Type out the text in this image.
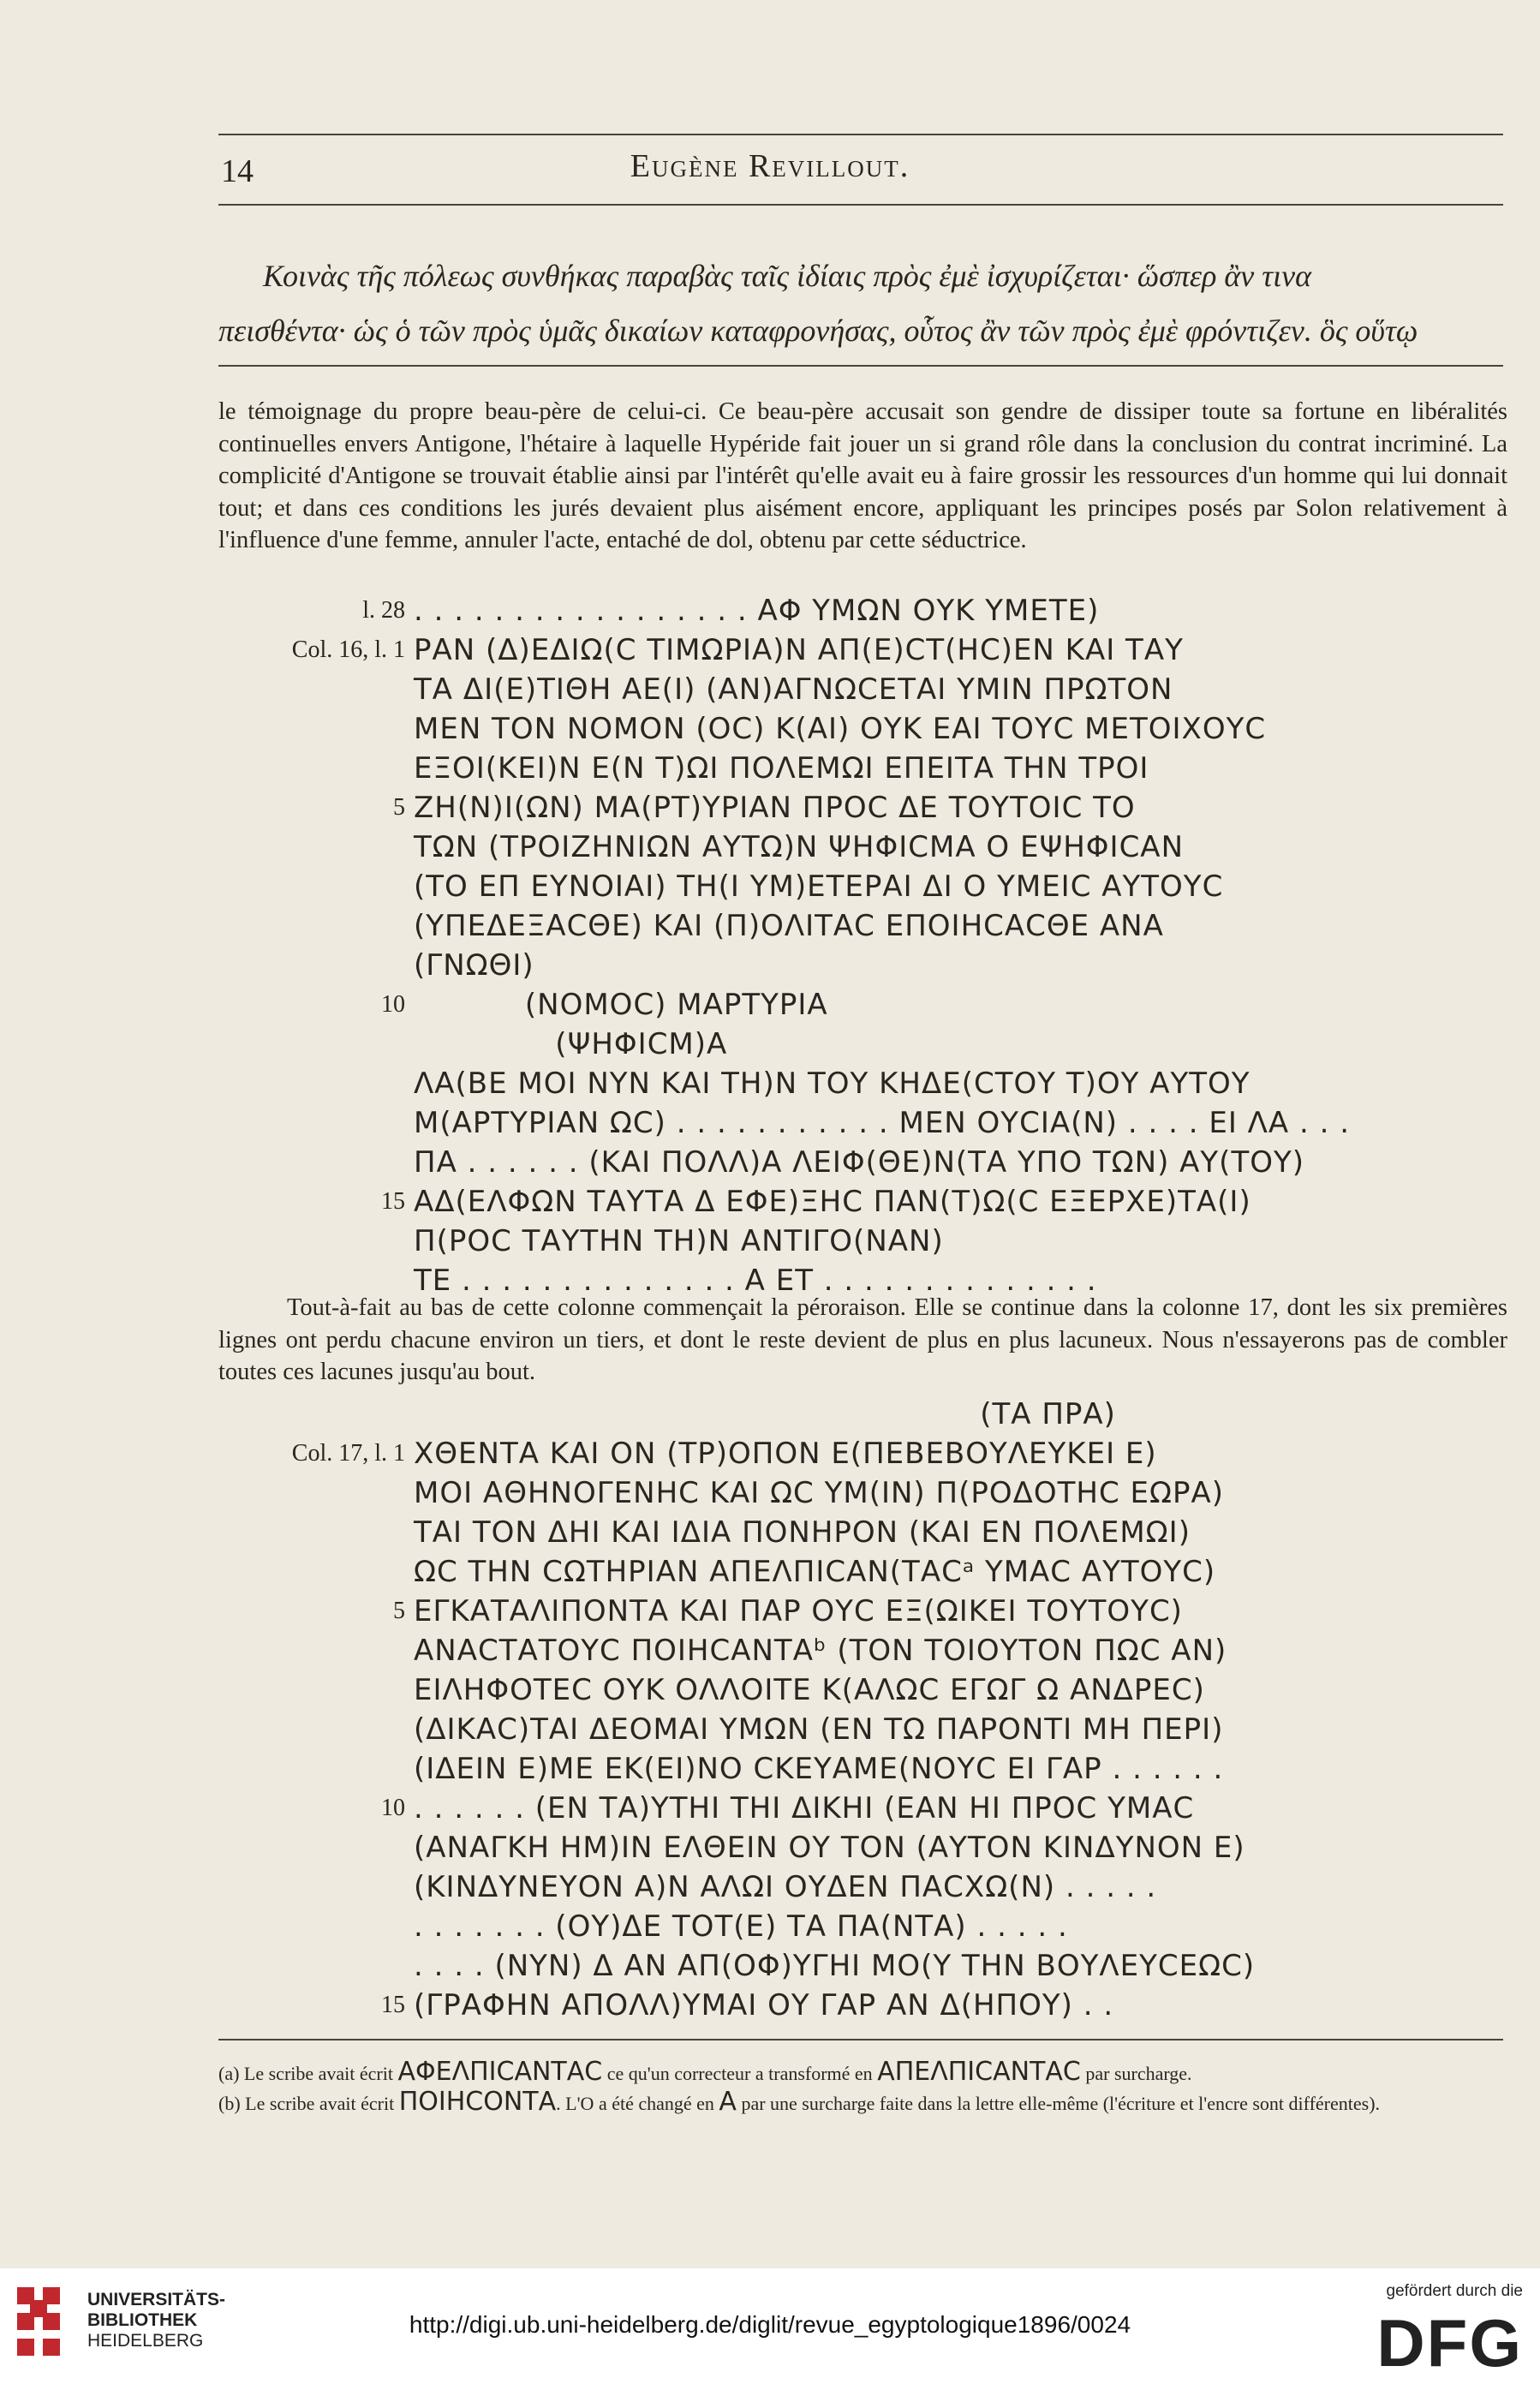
14	Eugène Revillout.
Κοινὰς τῆς πόλεως συνθήκας παραβὰς ταῖς ἰδίαις πρὸς ἐμὲ ἰσχυρίζεται· ὥσπερ ἂν τινα
πεισθέντα· ὡς ὁ τῶν πρὸς ὑμᾶς δικαίων καταφρονήσας, οὗτος ἂν τῶν πρὸς ἐμὲ φρόντιζεν. ὃς οὕτῳ

le témoignage du propre beau-père de celui-ci. Ce beau-père accusait son gendre de dissiper toute sa fortune en libéralités continuelles envers Antigone, l'hétaire à laquelle Hypéride fait jouer un si grand rôle dans la conclusion du contrat incriminé. La complicité d'Antigone se trouvait établie ainsi par l'intérêt qu'elle avait eu à faire grossir les ressources d'un homme qui lui donnait tout; et dans ces conditions les jurés devaient plus aisément encore, appliquant les principes posés par Solon relativement à l'influence d'une femme, annuler l'acte, entaché de dol, obtenu par cette séductrice.

l. 28 . . . . . . . . . . . . . . . . . ΑΦ ΥΜΩΝ ΟΥΚ ΥΜΕΤΕ)
Col. 16, l. 1 ΡΑΝ (Δ)ΕΔΙΩ(C ΤΙΜΩΡΙΑ)Ν ΑΠ(Ε)CΤ(ΗC)ΕΝ ΚΑΙ ΤΑΥ
ΤΑ ΔΙ(Ε)ΤΙΘΗ ΑΕ(Ι) (ΑΝ)ΑΓΝΩCΕΤΑΙ ΥΜΙΝ ΠΡΩΤΟΝ
ΜΕΝ ΤΟΝ ΝΟΜΟΝ (ΟC) Κ(ΑΙ) ΟΥΚ ΕΑΙ ΤΟΥC ΜΕΤΟΙΧΟΥC
ΕΞΟΙ(ΚΕΙ)Ν Ε(Ν Τ)ΩΙ ΠΟΛΕΜΩΙ ΕΠΕΙΤΑ ΤΗΝ ΤΡΟΙ
5 ΖΗ(Ν)Ι(ΩΝ) ΜΑ(ΡΤ)ΥΡΙΑΝ ΠΡΟC ΔΕ ΤΟΥΤΟΙC ΤΟ
ΤΩΝ (ΤΡΟΙΖΗΝΙΩΝ ΑΥΤΩ)Ν ΨΗΦΙCΜΑ Ο ΕΨΗΦΙCΑΝ
(ΤΟ ΕΠ ΕΥΝΟΙΑΙ) ΤΗ(Ι ΥΜ)ΕΤΕΡΑΙ ΔΙ Ο ΥΜΕΙC ΑΥΤΟΥC
(ΥΠΕΔΕΞΑCΘΕ) ΚΑΙ (Π)ΟΛΙΤΑC ΕΠΟΙΗCΑCΘΕ ΑΝΑ
(ΓΝΩΘΙ)
10 (ΝΟΜΟC) ΜΑΡΤΥΡΙΑ
(ΨΗΦΙCΜ)Α
ΛΑ(ΒΕ ΜΟΙ ΝΥΝ ΚΑΙ ΤΗ)Ν ΤΟΥ ΚΗΔΕ(CΤΟΥ Τ)ΟΥ ΑΥΤΟΥ
Μ(ΑΡΤΥΡΙΑΝ ΩC) . . . . . . . . . . . ΜΕΝ ΟΥCΙΑ(Ν) . . . . ΕΙ ΛΑ . . .
ΠΑ . . . . . . (ΚΑΙ ΠΟΛΛ)Α ΛΕΙΦ(ΘΕ)Ν(ΤΑ ΥΠΟ ΤΩΝ) ΑΥ(ΤΟΥ)
15 ΑΔ(ΕΛΦΩΝ ΤΑΥΤΑ Δ ΕΦΕ)ΞΗC ΠΑΝ(Τ)Ω(C ΕΞΕΡΧΕ)ΤΑ(Ι)
Π(ΡΟC ΤΑΥΤΗΝ ΤΗ)Ν ΑΝΤΙΓΟ(ΝΑΝ)
ΤΕ . . . . . . . . . . . . . . Α ΕΤ . . . . . . . . . . . . . .

Tout-à-fait au bas de cette colonne commençait la péroraison. Elle se continue dans la colonne 17, dont les six premières lignes ont perdu chacune environ un tiers, et dont le reste devient de plus en plus lacuneux. Nous n'essayerons pas de combler toutes ces lacunes jusqu'au bout.

(ΤΑ ΠΡΑ)
Col. 17, l. 1 ΧΘΕΝΤΑ ΚΑΙ ΟΝ (ΤΡ)ΟΠΟΝ Ε(ΠΕΒΕΒΟΥΛΕΥΚΕΙ Ε)
ΜΟΙ ΑΘΗΝΟΓΕΝΗC ΚΑΙ ΩC ΥΜ(ΙΝ) Π(ΡΟΔΟΤΗC ΕΩΡΑ)
ΤΑΙ ΤΟΝ ΔΗΙ ΚΑΙ ΙΔΙΑ ΠΟΝΗΡΟΝ (ΚΑΙ ΕΝ ΠΟΛΕΜΩΙ)
ΩC ΤΗΝ CΩΤΗΡΙΑΝ ΑΠΕΛΠΙCΑΝ(ΤΑCᵃ ΥΜΑC ΑΥΤΟΥC)
5 ΕΓΚΑΤΑΛΙΠΟΝΤΑ ΚΑΙ ΠΑΡ ΟΥC ΕΞ(ΩΙΚΕΙ ΤΟΥΤΟΥC)
ΑΝΑCΤΑΤΟΥC ΠΟΙΗCΑΝΤΑᵇ (ΤΟΝ ΤΟΙΟΥΤΟΝ ΠΩC ΑΝ)
ΕΙΛΗΦΟΤΕC ΟΥΚ ΟΛΛΟΙΤΕ Κ(ΑΛΩC ΕΓΩΓ Ω ΑΝΔΡΕC)
(ΔΙΚΑC)ΤΑΙ ΔΕΟΜΑΙ ΥΜΩΝ (ΕΝ ΤΩ ΠΑΡΟΝΤΙ ΜΗ ΠΕΡΙ)
(ΙΔΕΙΝ Ε)ΜΕ ΕΚ(ΕΙ)ΝΟ CΚΕΥΑΜΕ(ΝΟΥC ΕΙ ΓΑΡ . . . . . .
10 . . . . . . (ΕΝ ΤΑ)ΥΤΗΙ ΤΗΙ ΔΙΚΗΙ (ΕΑΝ ΗΙ ΠΡΟC ΥΜΑC
(ΑΝΑΓΚΗ ΗΜ)ΙΝ ΕΛΘΕΙΝ ΟΥ ΤΟΝ (ΑΥΤΟΝ ΚΙΝΔΥΝΟΝ Ε)
(ΚΙΝΔΥΝΕΥΟΝ Α)Ν ΑΛΩΙ ΟΥΔΕΝ ΠΑCΧΩ(Ν) . . . . .
. . . . . . . (ΟΥ)ΔΕ ΤΟΤ(Ε) ΤΑ ΠΑ(ΝΤΑ) . . . . .
. . . . (ΝΥΝ) Δ ΑΝ ΑΠ(ΟΦ)ΥΓΗΙ ΜΟ(Υ ΤΗΝ ΒΟΥΛΕΥCΕΩC)
15 (ΓΡΑΦΗΝ ΑΠΟΛΛ)ΥΜΑΙ ΟΥ ΓΑΡ ΑΝ Δ(ΗΠΟΥ) . .

(a) Le scribe avait écrit ΑΦΕΛΠΙCΑΝΤΑC ce qu'un correcteur a transformé en ΑΠΕΛΠΙCΑΝΤΑC par surcharge.

(b) Le scribe avait écrit ΠΟΙΗCΟΝΤΑ. L'Ο a été changé en Α par une surcharge faite dans la lettre elle-même (l'écriture et l'encre sont différentes).

UNIVERSITÄTS-
BIBLIOTHEK
HEIDELBERG
http://digi.ub.uni-heidelberg.de/diglit/revue_egyptologique1896/0024
gefördert durch die
DFG
